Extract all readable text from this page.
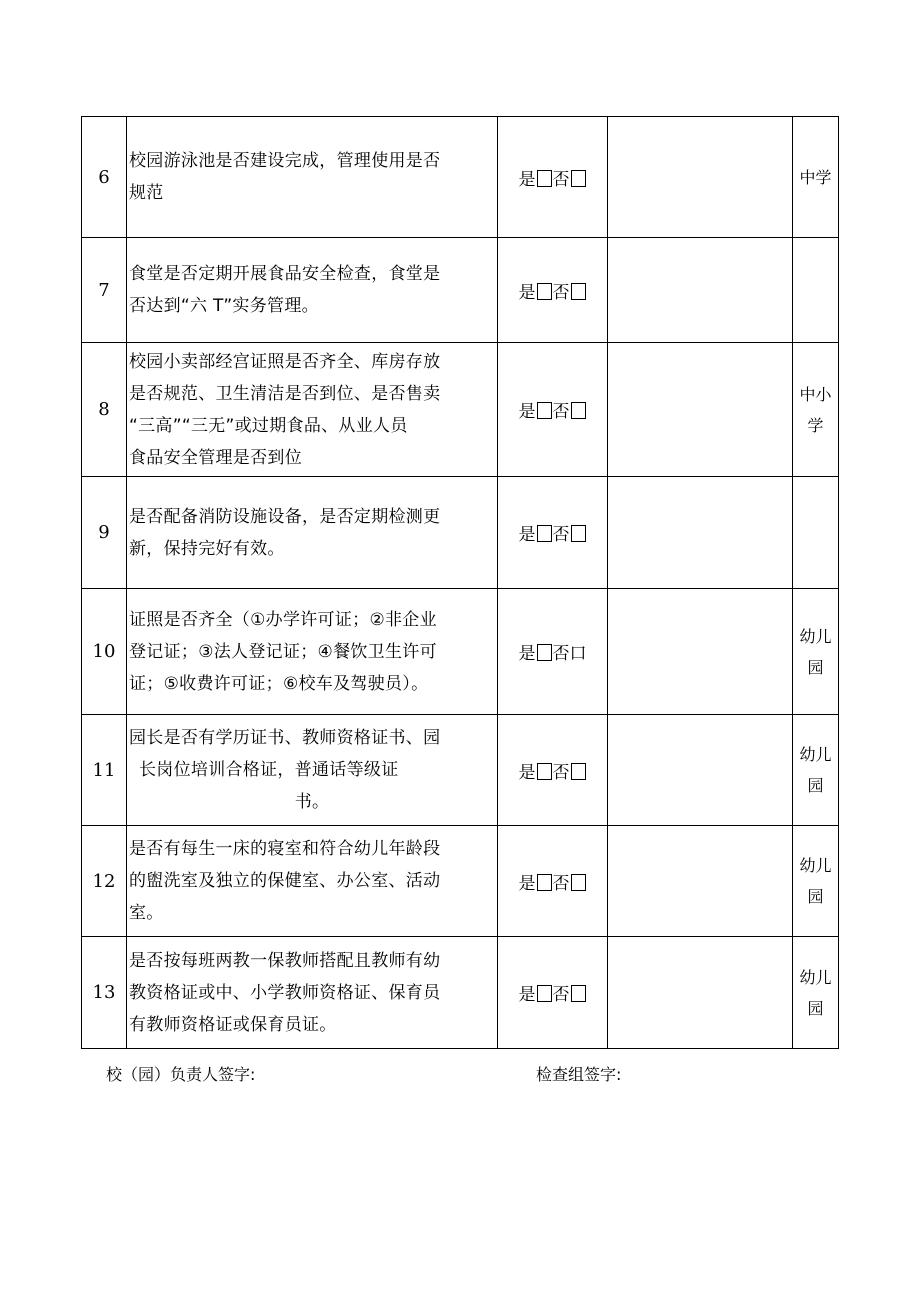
6	校园游泳池是否建设完成，管理使用是否
规范	是 否		中学
7	食堂是否定期开展食品安全检查，食堂是
否达到“六 T”实务管理。	是 否		
8	校园小卖部经宫证照是否齐全、库房存放
是否规范、卫生清洁是否到位、是否售卖
“三高”“三无”或过期食品、从业人员
食品安全管理是否到位	是 否		中小
学
9	是否配备消防设施设备，是否定期检测更
新，保持完好有效。	是 否		
10	证照是否齐全（①办学许可证；②非企业
登记证；③法人登记证；④餐饮卫生许可
证；⑤收费许可证；⑥校车及驾驶员）。	是 否口		幼儿
园
11	园长是否有学历证书、教师资格证书、园
长岗位培训合格证，普通话等级证

书。	是 否		幼儿
园
12	是否有每生一床的寝室和符合幼儿年龄段
的盥洗室及独立的保健室、办公室、活动
室。	是 否		幼儿
园
13	是否按每班两教一保教师搭配且教师有幼
教资格证或中、小学教师资格证、保育员
有教师资格证或保育员证。	是 否		幼儿
园
校（园）负责人签字:	检查组签字:
